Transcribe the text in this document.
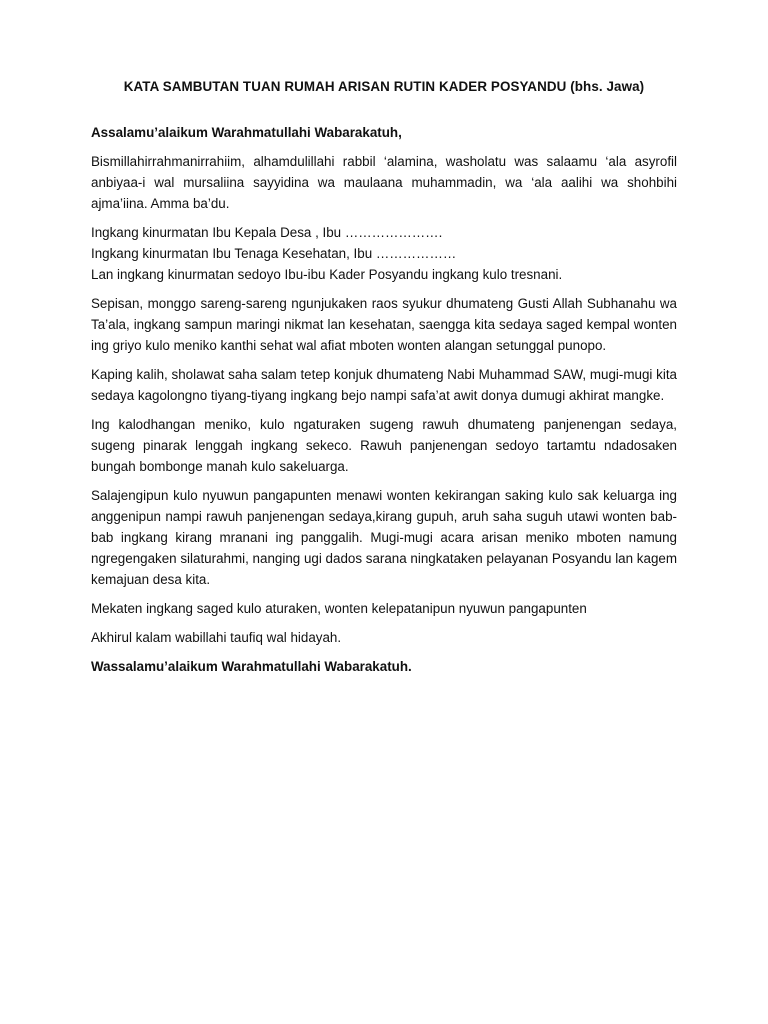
KATA SAMBUTAN TUAN RUMAH ARISAN RUTIN KADER POSYANDU (bhs. Jawa)
Assalamu’alaikum Warahmatullahi Wabarakatuh,
Bismillahirrahmanirrahiim, alhamdulillahi rabbil ‘alamina, washolatu was salaamu ‘ala asyrofil anbiyaa-i wal mursaliina sayyidina wa maulaana muhammadin, wa ‘ala aalihi wa shohbihi ajma’iina. Amma ba’du.
Ingkang kinurmatan Ibu Kepala Desa , Ibu ………………….
Ingkang kinurmatan Ibu Tenaga Kesehatan, Ibu ………………
Lan ingkang kinurmatan sedoyo Ibu-ibu Kader Posyandu ingkang kulo tresnani.
Sepisan, monggo sareng-sareng ngunjukaken raos syukur dhumateng Gusti Allah Subhanahu wa Ta’ala, ingkang sampun maringi nikmat lan kesehatan, saengga kita sedaya saged kempal wonten ing griyo kulo meniko kanthi sehat wal afiat mboten wonten alangan setunggal punopo.
Kaping kalih, sholawat saha salam tetep konjuk dhumateng Nabi Muhammad SAW, mugi-mugi kita sedaya kagolongno tiyang-tiyang ingkang bejo nampi safa’at awit donya dumugi akhirat mangke.
Ing kalodhangan meniko, kulo ngaturaken sugeng rawuh dhumateng panjenengan sedaya, sugeng pinarak lenggah ingkang sekeco. Rawuh panjenengan sedoyo tartamtu ndadosaken bungah bombonge manah kulo sakeluarga.
Salajengipun kulo nyuwun pangapunten menawi wonten kekirangan saking kulo sak keluarga ing anggenipun nampi rawuh panjenengan sedaya,kirang gupuh, aruh saha suguh utawi wonten bab-bab ingkang kirang mranani ing panggalih. Mugi-mugi acara arisan meniko mboten namung ngregengaken silaturahmi, nanging ugi dados sarana ningkataken pelayanan Posyandu lan kagem kemajuan desa kita.
Mekaten ingkang saged kulo aturaken, wonten kelepatanipun nyuwun pangapunten
Akhirul kalam wabillahi taufiq wal hidayah.
Wassalamu’alaikum Warahmatullahi Wabarakatuh.
